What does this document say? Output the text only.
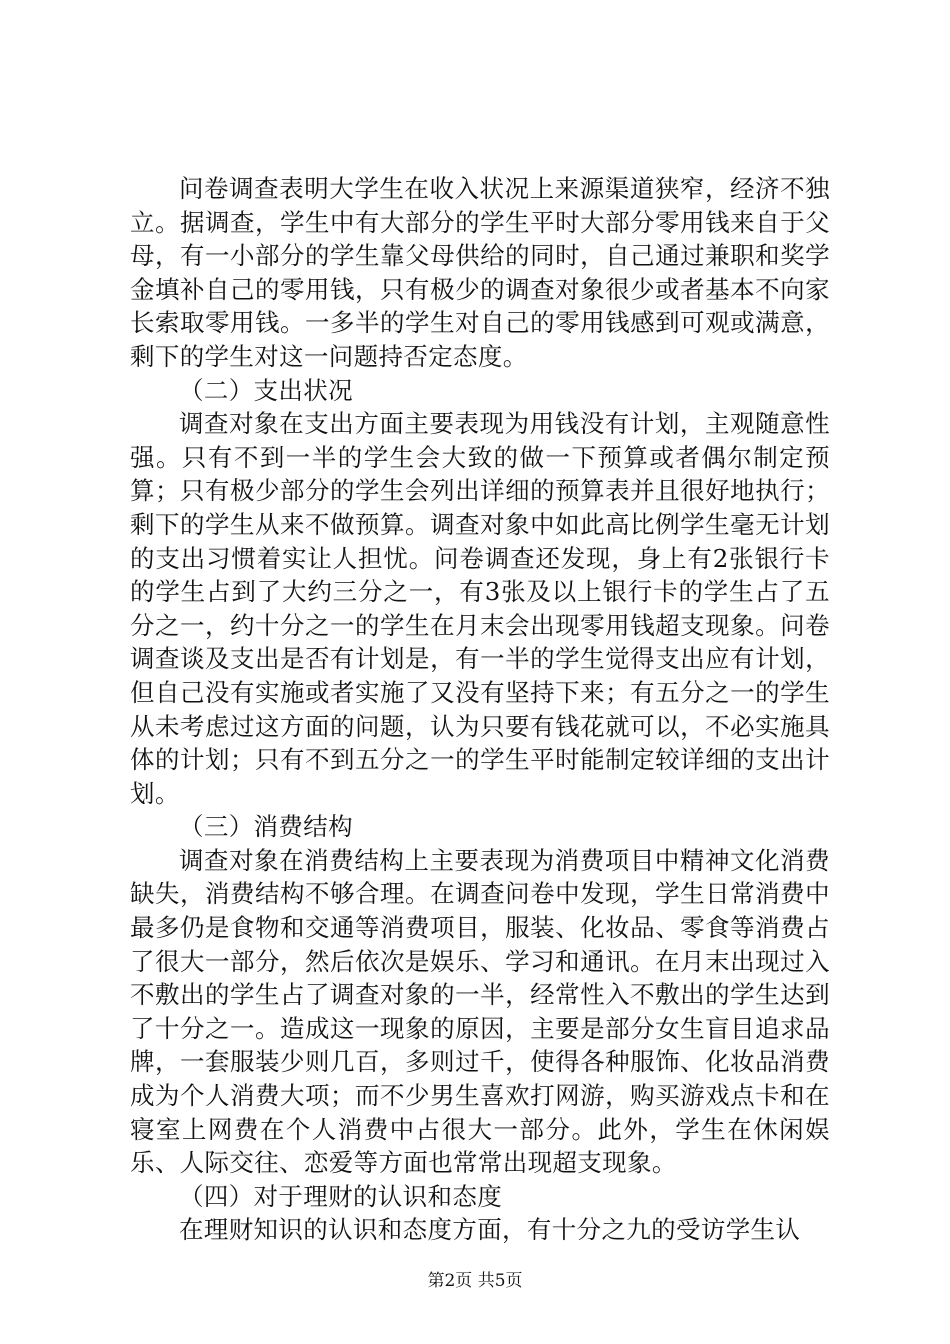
问卷调查表明大学生在收入状况上来源渠道狭窄，经济不独立。据调查，学生中有大部分的学生平时大部分零用钱来自于父母，有一小部分的学生靠父母供给的同时，自己通过兼职和奖学金填补自己的零用钱，只有极少的调查对象很少或者基本不向家长索取零用钱。一多半的学生对自己的零用钱感到可观或满意，剩下的学生对这一问题持否定态度。

（二）支出状况

调查对象在支出方面主要表现为用钱没有计划，主观随意性强。只有不到一半的学生会大致的做一下预算或者偶尔制定预算；只有极少部分的学生会列出详细的预算表并且很好地执行；剩下的学生从来不做预算。调查对象中如此高比例学生毫无计划的支出习惯着实让人担忧。问卷调查还发现，身上有2张银行卡的学生占到了大约三分之一，有3张及以上银行卡的学生占了五分之一，约十分之一的学生在月末会出现零用钱超支现象。问卷调查谈及支出是否有计划是，有一半的学生觉得支出应有计划，但自己没有实施或者实施了又没有坚持下来；有五分之一的学生从未考虑过这方面的问题，认为只要有钱花就可以，不必实施具体的计划；只有不到五分之一的学生平时能制定较详细的支出计划。

（三）消费结构

调查对象在消费结构上主要表现为消费项目中精神文化消费缺失，消费结构不够合理。在调查问卷中发现，学生日常消费中最多仍是食物和交通等消费项目，服装、化妆品、零食等消费占了很大一部分，然后依次是娱乐、学习和通讯。在月末出现过入不敷出的学生占了调查对象的一半，经常性入不敷出的学生达到了十分之一。造成这一现象的原因，主要是部分女生盲目追求品牌，一套服装少则几百，多则过千，使得各种服饰、化妆品消费成为个人消费大项；而不少男生喜欢打网游，购买游戏点卡和在寝室上网费在个人消费中占很大一部分。此外，学生在休闲娱乐、人际交往、恋爱等方面也常常出现超支现象。

（四）对于理财的认识和态度

在理财知识的认识和态度方面，有十分之九的受访学生认

第2页 共5页
